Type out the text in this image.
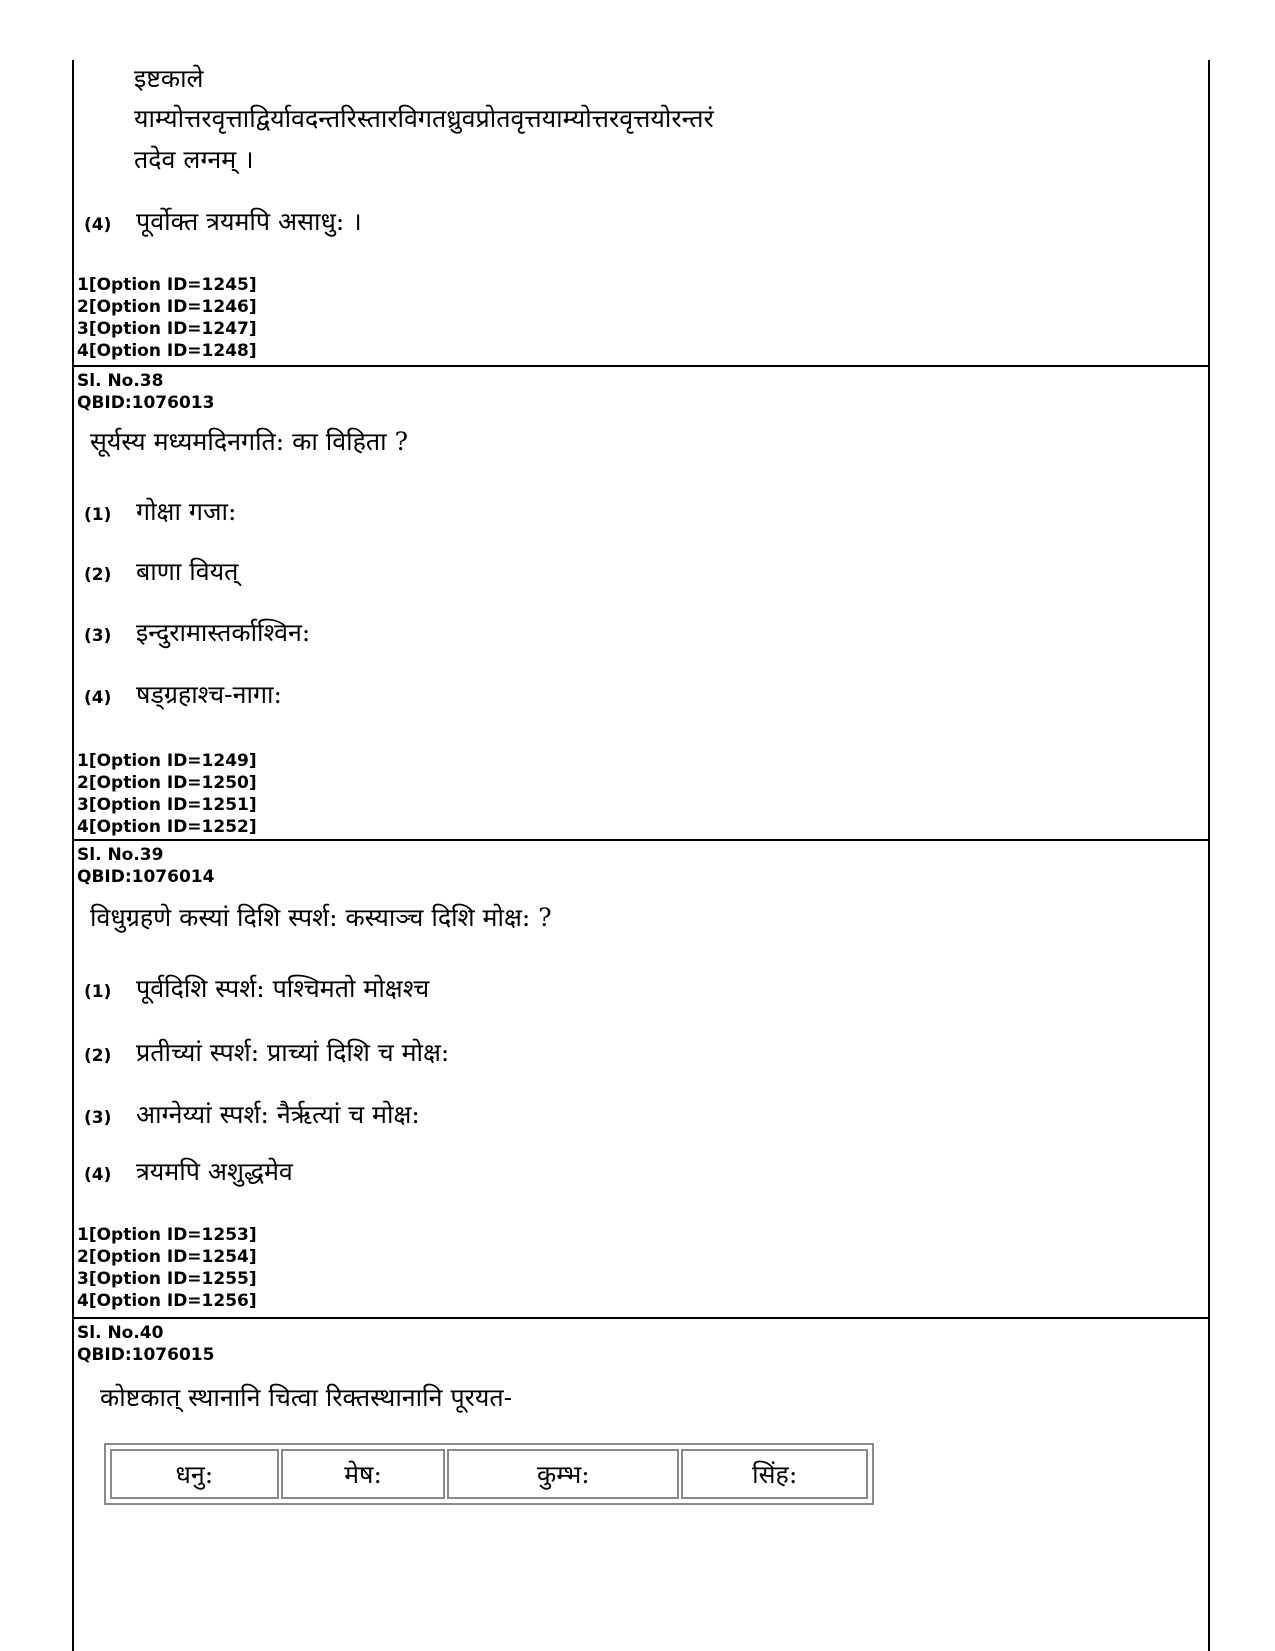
इष्टकाले
याम्योत्तरवृत्ताद्विर्यावदन्तरिस्तारविगतध्रुवप्रोतवृत्तयाम्योत्तरवृत्तयोरन्तरं
तदेव लग्नम् ।
(4) पूर्वोक्त त्रयमपि असाधु: ।
1[Option ID=1245]
2[Option ID=1246]
3[Option ID=1247]
4[Option ID=1248]
Sl. No.38
QBID:1076013
सूर्यस्य मध्यमदिनगति: का विहिता ?
(1) गोक्षा गजा:
(2) बाणा वियत्
(3) इन्दुरामास्तर्काश्विन:
(4) षड्ग्रहाश्च-नागा:
1[Option ID=1249]
2[Option ID=1250]
3[Option ID=1251]
4[Option ID=1252]
Sl. No.39
QBID:1076014
विधुग्रहणे कस्यां दिशि स्पर्श: कस्याञ्च दिशि मोक्ष: ?
(1) पूर्वदिशि स्पर्श: पश्चिमतो मोक्षश्च
(2) प्रतीच्यां स्पर्श: प्राच्यां दिशि च मोक्ष:
(3) आग्नेय्यां स्पर्श: नैर्ऋत्यां च मोक्ष:
(4) त्रयमपि अशुद्धमेव
1[Option ID=1253]
2[Option ID=1254]
3[Option ID=1255]
4[Option ID=1256]
Sl. No.40
QBID:1076015
कोष्टकात् स्थानानि चित्वा रिक्तस्थानानि पूरयत-
धनु:	मेष:	कुम्भ:	सिंह:
